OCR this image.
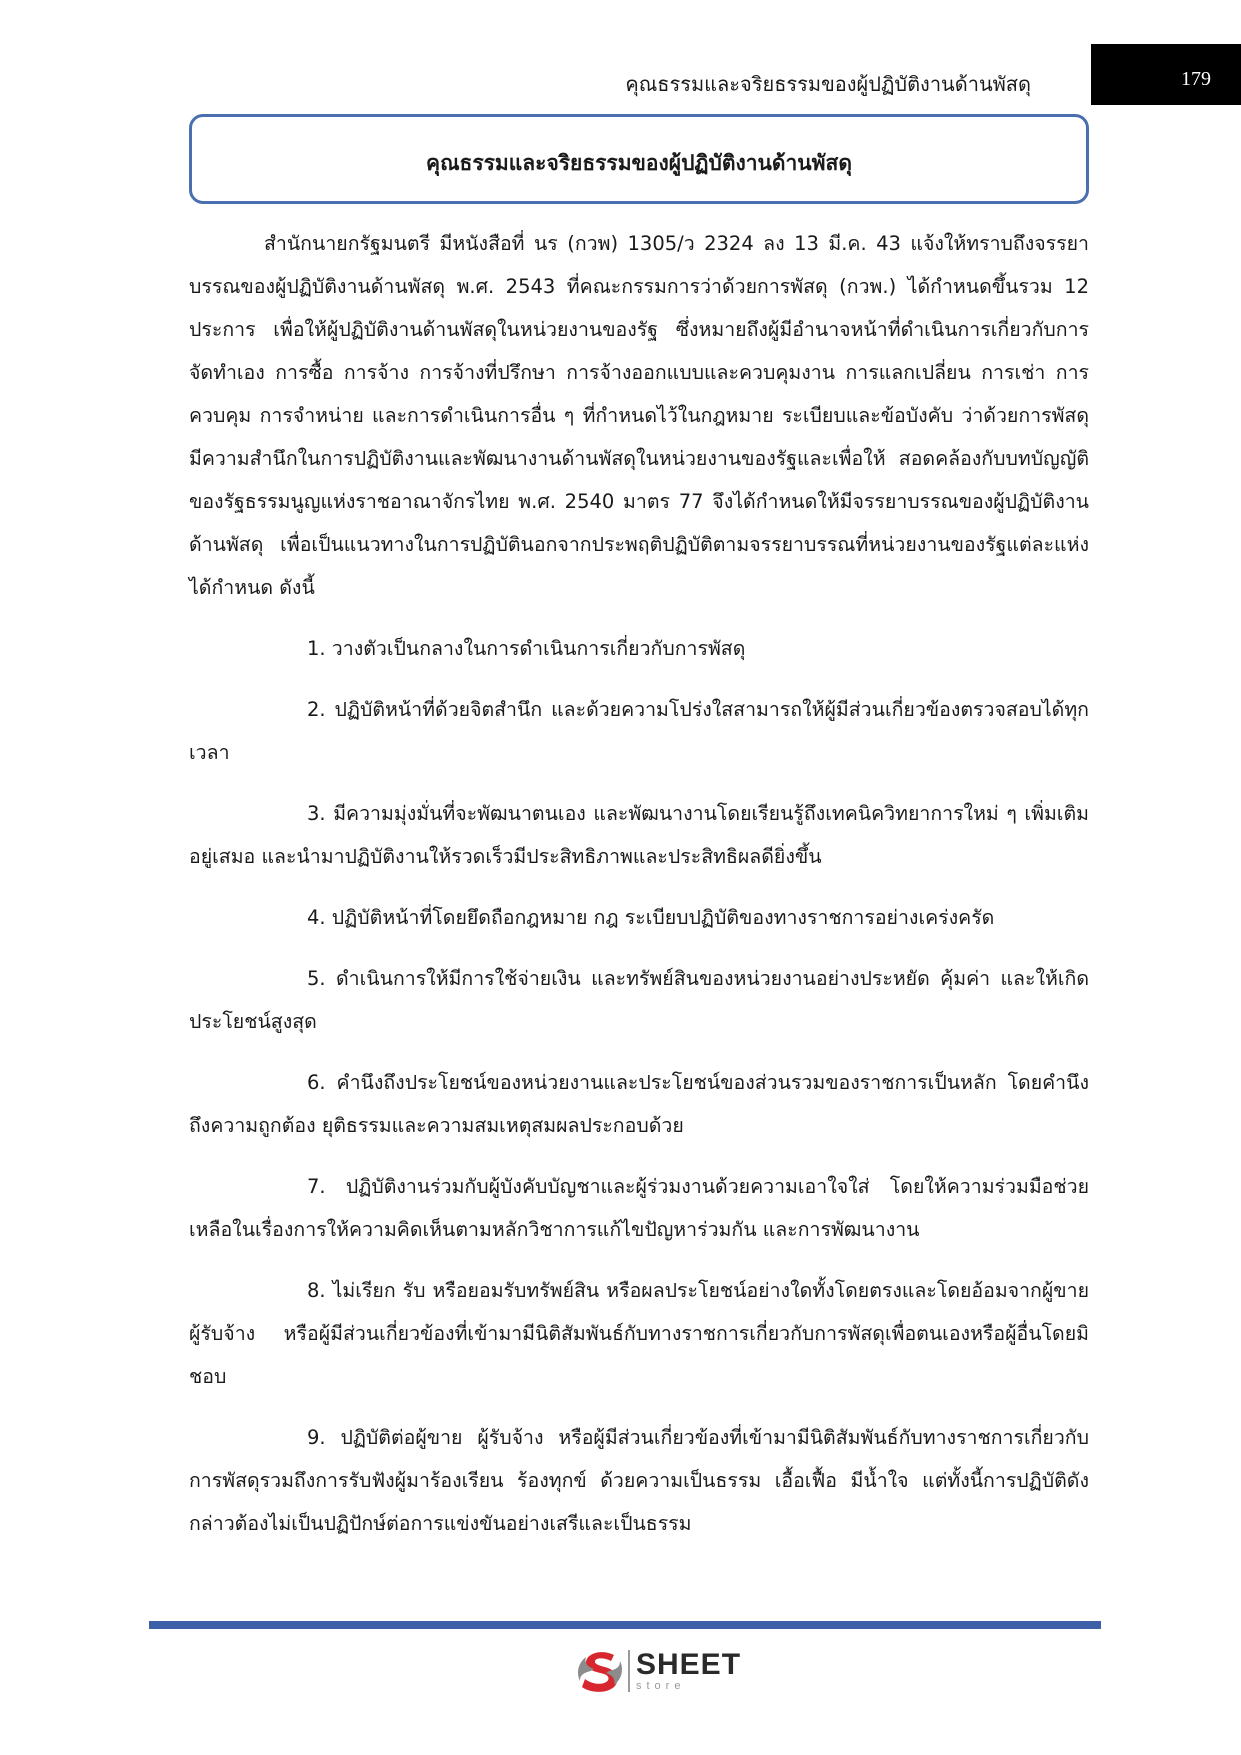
คุณธรรมและจริยธรรมของผู้ปฏิบัติงานด้านพัสดุ	179
คุณธรรมและจริยธรรมของผู้ปฏิบัติงานด้านพัสดุ

สำนักนายกรัฐมนตรี มีหนังสือที่ นร (กวพ) 1305/ว 2324 ลง 13 มี.ค. 43 แจ้งให้ทราบถึงจรรยาบรรณของผู้ปฏิบัติงานด้านพัสดุ พ.ศ. 2543 ที่คณะกรรมการว่าด้วยการพัสดุ (กวพ.) ได้กำหนดขึ้นรวม 12 ประการ เพื่อให้ผู้ปฏิบัติงานด้านพัสดุในหน่วยงานของรัฐ ซึ่งหมายถึงผู้มีอำนาจหน้าที่ดำเนินการเกี่ยวกับการจัดทำเอง การซื้อ การจ้าง การจ้างที่ปรึกษา การจ้างออกแบบและควบคุมงาน การแลกเปลี่ยน การเช่า การควบคุม การจำหน่าย และการดำเนินการอื่น ๆ ที่กำหนดไว้ในกฎหมาย ระเบียบและข้อบังคับ ว่าด้วยการพัสดุ มีความสำนึกในการปฏิบัติงานและพัฒนางานด้านพัสดุในหน่วยงานของรัฐและเพื่อให้ สอดคล้องกับบทบัญญัติของรัฐธรรมนูญแห่งราชอาณาจักรไทย พ.ศ. 2540 มาตร 77 จึงได้กำหนดให้มีจรรยาบรรณของผู้ปฏิบัติงานด้านพัสดุ เพื่อเป็นแนวทางในการปฏิบัตินอกจากประพฤติปฏิบัติตามจรรยาบรรณที่หน่วยงานของรัฐแต่ละแห่งได้กำหนด ดังนี้

1. วางตัวเป็นกลางในการดำเนินการเกี่ยวกับการพัสดุ
2. ปฏิบัติหน้าที่ด้วยจิตสำนึก และด้วยความโปร่งใสสามารถให้ผู้มีส่วนเกี่ยวข้องตรวจสอบได้ทุกเวลา
3. มีความมุ่งมั่นที่จะพัฒนาตนเอง และพัฒนางานโดยเรียนรู้ถึงเทคนิควิทยาการใหม่ ๆ เพิ่มเติมอยู่เสมอ และนำมาปฏิบัติงานให้รวดเร็วมีประสิทธิภาพและประสิทธิผลดียิ่งขึ้น
4. ปฏิบัติหน้าที่โดยยึดถือกฎหมาย กฎ ระเบียบปฏิบัติของทางราชการอย่างเคร่งครัด
5. ดำเนินการให้มีการใช้จ่ายเงิน และทรัพย์สินของหน่วยงานอย่างประหยัด คุ้มค่า และให้เกิดประโยชน์สูงสุด
6. คำนึงถึงประโยชน์ของหน่วยงานและประโยชน์ของส่วนรวมของราชการเป็นหลัก โดยคำนึงถึงความถูกต้อง ยุติธรรมและความสมเหตุสมผลประกอบด้วย
7. ปฏิบัติงานร่วมกับผู้บังคับบัญชาและผู้ร่วมงานด้วยความเอาใจใส่ โดยให้ความร่วมมือช่วยเหลือในเรื่องการให้ความคิดเห็นตามหลักวิชาการแก้ไขปัญหาร่วมกัน และการพัฒนางาน
8. ไม่เรียก รับ หรือยอมรับทรัพย์สิน หรือผลประโยชน์อย่างใดทั้งโดยตรงและโดยอ้อมจากผู้ขาย ผู้รับจ้าง หรือผู้มีส่วนเกี่ยวข้องที่เข้ามามีนิติสัมพันธ์กับทางราชการเกี่ยวกับการพัสดุเพื่อตนเองหรือผู้อื่นโดยมิชอบ
9. ปฏิบัติต่อผู้ขาย ผู้รับจ้าง หรือผู้มีส่วนเกี่ยวข้องที่เข้ามามีนิติสัมพันธ์กับทางราชการเกี่ยวกับการพัสดุรวมถึงการรับฟังผู้มาร้องเรียน ร้องทุกข์ ด้วยความเป็นธรรม เอื้อเฟื้อ มีน้ำใจ แต่ทั้งนี้การปฏิบัติดังกล่าวต้องไม่เป็นปฏิปักษ์ต่อการแข่งขันอย่างเสรีและเป็นธรรม
SHEET
store
